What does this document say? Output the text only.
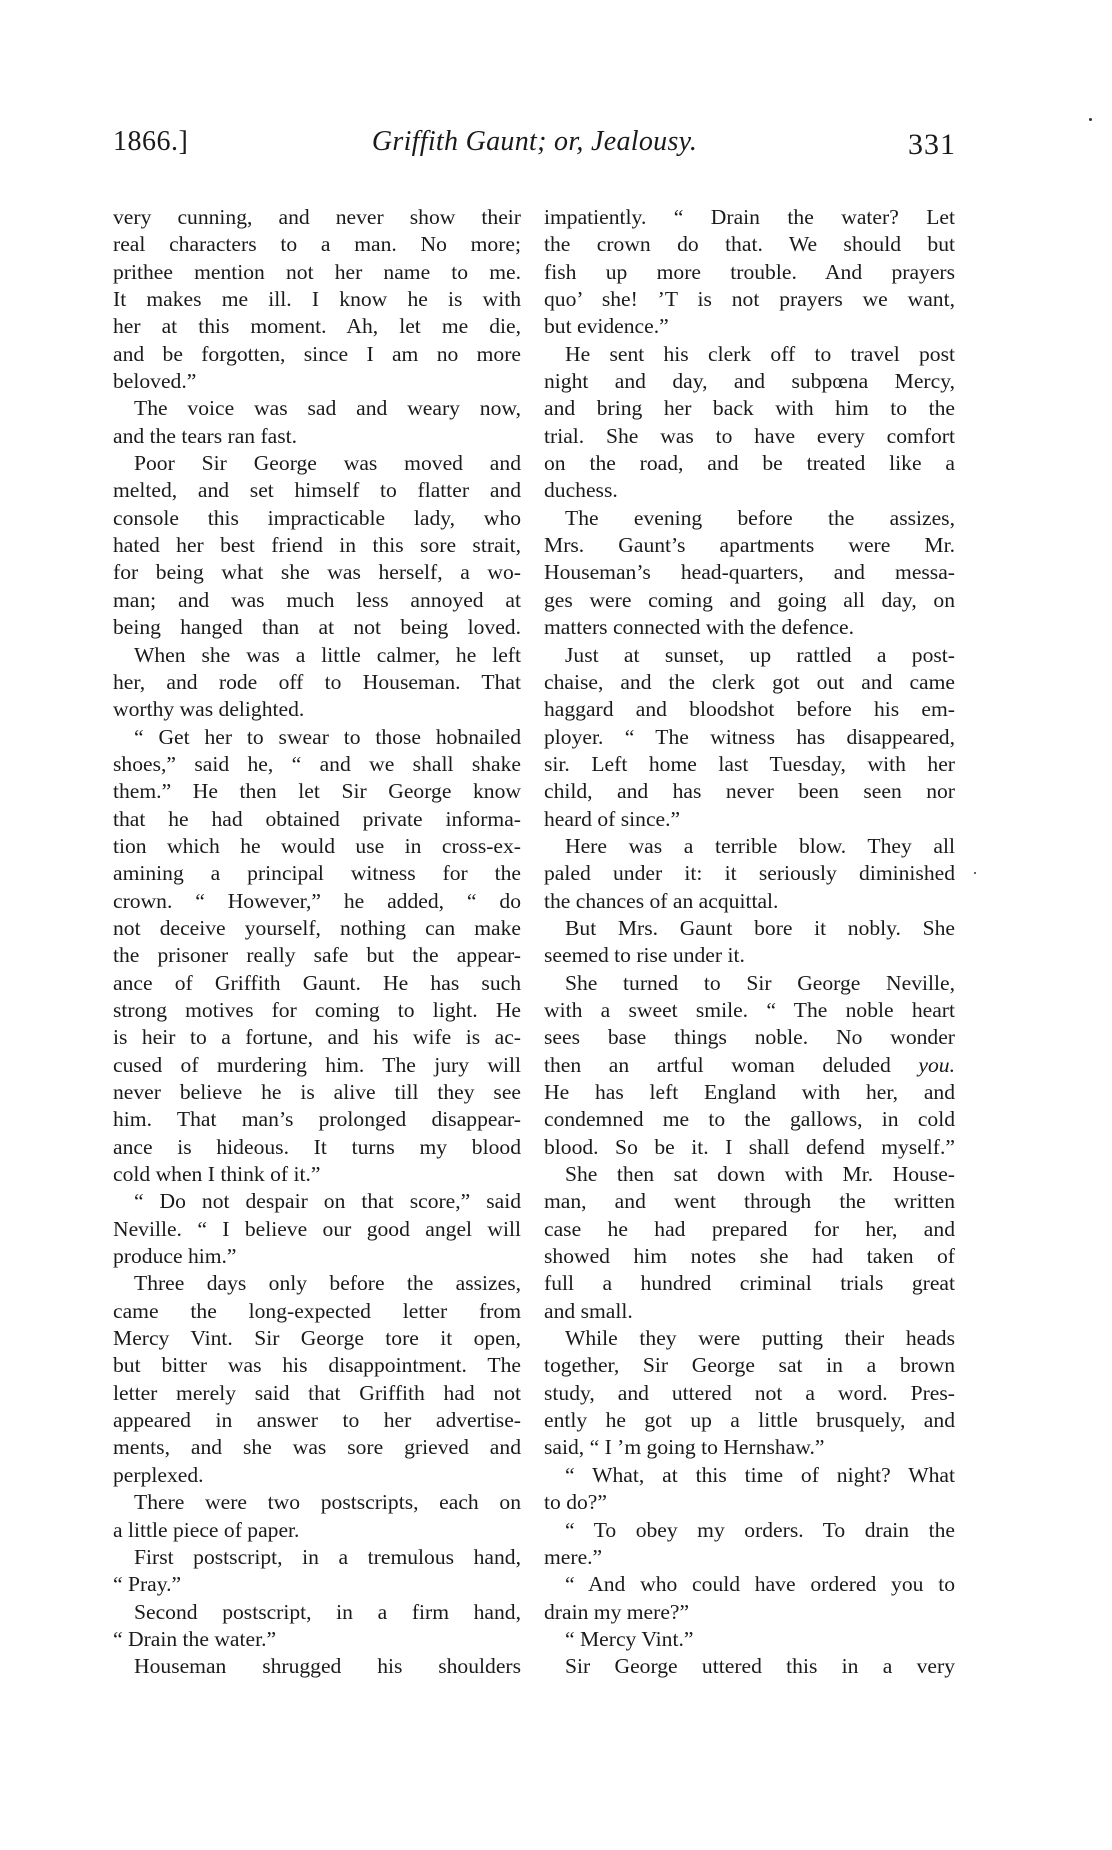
1866.]	Griffith Gaunt; or, Jealousy.	331
very cunning, and never show their
real characters to a man. No more;
prithee mention not her name to me.
It makes me ill. I know he is with
her at this moment. Ah, let me die,
and be forgotten, since I am no more
beloved.”
The voice was sad and weary now,
and the tears ran fast.
Poor Sir George was moved and
melted, and set himself to flatter and
console this impracticable lady, who
hated her best friend in this sore strait,
for being what she was herself, a wo-
man; and was much less annoyed at
being hanged than at not being loved.
When she was a little calmer, he left
her, and rode off to Houseman. That
worthy was delighted.
“ Get her to swear to those hobnailed
shoes,” said he, “ and we shall shake
them.” He then let Sir George know
that he had obtained private informa-
tion which he would use in cross-ex-
amining a principal witness for the
crown. “ However,” he added, “ do
not deceive yourself, nothing can make
the prisoner really safe but the appear-
ance of Griffith Gaunt. He has such
strong motives for coming to light. He
is heir to a fortune, and his wife is ac-
cused of murdering him. The jury will
never believe he is alive till they see
him. That man’s prolonged disappear-
ance is hideous. It turns my blood
cold when I think of it.”
“ Do not despair on that score,” said
Neville. “ I believe our good angel will
produce him.”
Three days only before the assizes,
came the long-expected letter from
Mercy Vint. Sir George tore it open,
but bitter was his disappointment. The
letter merely said that Griffith had not
appeared in answer to her advertise-
ments, and she was sore grieved and
perplexed.
There were two postscripts, each on
a little piece of paper.
First postscript, in a tremulous hand,
“ Pray.”
Second postscript, in a firm hand,
“ Drain the water.”
Houseman shrugged his shoulders
impatiently. “ Drain the water? Let
the crown do that. We should but
fish up more trouble. And prayers
quo’ she! ’T is not prayers we want,
but evidence.”
He sent his clerk off to travel post
night and day, and subpœna Mercy,
and bring her back with him to the
trial. She was to have every comfort
on the road, and be treated like a
duchess.
The evening before the assizes,
Mrs. Gaunt’s apartments were Mr.
Houseman’s head-quarters, and messa-
ges were coming and going all day, on
matters connected with the defence.
Just at sunset, up rattled a post-
chaise, and the clerk got out and came
haggard and bloodshot before his em-
ployer. “ The witness has disappeared,
sir. Left home last Tuesday, with her
child, and has never been seen nor
heard of since.”
Here was a terrible blow. They all
paled under it: it seriously diminished
the chances of an acquittal.
But Mrs. Gaunt bore it nobly. She
seemed to rise under it.
She turned to Sir George Neville,
with a sweet smile. “ The noble heart
sees base things noble. No wonder
then an artful woman deluded you.
He has left England with her, and
condemned me to the gallows, in cold
blood. So be it. I shall defend myself.”
She then sat down with Mr. House-
man, and went through the written
case he had prepared for her, and
showed him notes she had taken of
full a hundred criminal trials great
and small.
While they were putting their heads
together, Sir George sat in a brown
study, and uttered not a word. Pres-
ently he got up a little brusquely, and
said, “ I ’m going to Hernshaw.”
“ What, at this time of night? What
to do?”
“ To obey my orders. To drain the
mere.”
“ And who could have ordered you to
drain my mere?”
“ Mercy Vint.”
Sir George uttered this in a very
